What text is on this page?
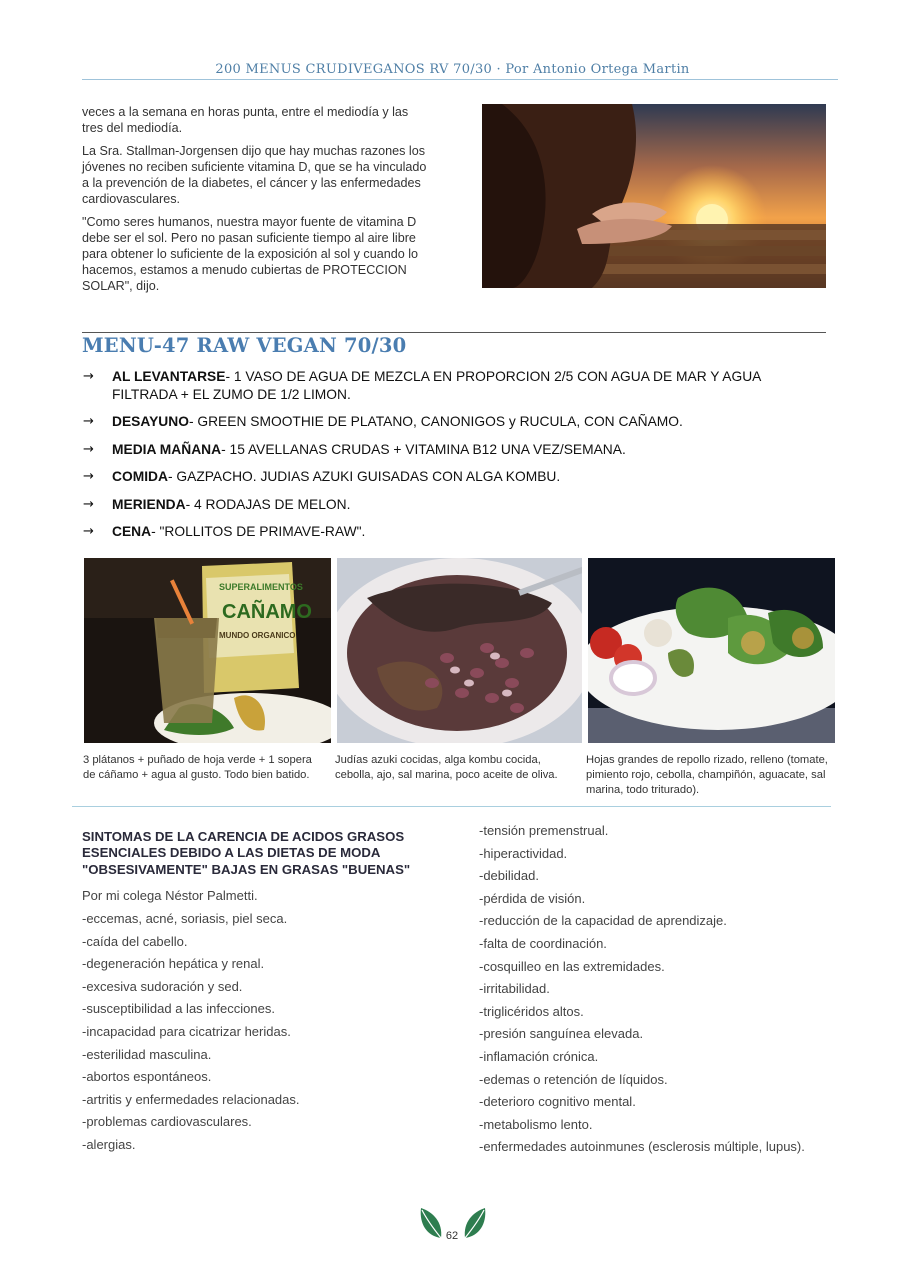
200 MENUS CRUDIVEGANOS RV 70/30 · Por Antonio Ortega Martin

veces a la semana en horas punta, entre el mediodía y las tres del mediodía.

La Sra. Stallman-Jorgensen dijo que hay muchas razones los jóvenes no reciben suficiente vitamina D, que se ha vinculado a la prevención de la diabetes, el cáncer y las enfermedades cardiovasculares.

"Como seres humanos, nuestra mayor fuente de vitamina D debe ser el sol. Pero no pasan suficiente tiempo al aire libre para obtener lo suficiente de la exposición al sol y cuando lo hacemos, estamos a menudo cubiertas de PROTECCION SOLAR", dijo.

MENU-47 RAW VEGAN 70/30
→ AL LEVANTARSE- 1 VASO DE AGUA DE MEZCLA EN PROPORCION 2/5 CON AGUA DE MAR Y AGUA FILTRADA + EL ZUMO DE 1/2 LIMON.
→ DESAYUNO- GREEN SMOOTHIE DE PLATANO, CANONIGOS y RUCULA, CON CAÑAMO.
→ MEDIA MAÑANA- 15 AVELLANAS CRUDAS + VITAMINA B12 UNA VEZ/SEMANA.
→ COMIDA- GAZPACHO. JUDIAS AZUKI GUISADAS CON ALGA KOMBU.
→ MERIENDA- 4 RODAJAS DE MELON.
→ CENA- "ROLLITOS DE PRIMAVE-RAW".
SUPERALIMENTOS
CAÑAMO
MUNDO ORGANICO
3 plátanos + puñado de hoja verde + 1 sopera de cáñamo + agua al gusto. Todo bien batido.
Judías azuki cocidas, alga kombu cocida, cebolla, ajo, sal marina, poco aceite de oliva.
Hojas grandes de repollo rizado, relleno (tomate, pimiento rojo, cebolla, champiñón, aguacate, sal marina, todo triturado).
SINTOMAS DE LA CARENCIA DE ACIDOS GRASOS ESENCIALES DEBIDO A LAS DIETAS DE MODA "OBSESIVAMENTE" BAJAS EN GRASAS "BUENAS"
Por mi colega Néstor Palmetti.
-eccemas, acné, soriasis, piel seca.
-caída del cabello.
-degeneración hepática y renal.
-excesiva sudoración y sed.
-susceptibilidad a las infecciones.
-incapacidad para cicatrizar heridas.
-esterilidad masculina.
-abortos espontáneos.
-artritis y enfermedades relacionadas.
-problemas cardiovasculares.
-alergias.
-tensión premenstrual.
-hiperactividad.
-debilidad.
-pérdida de visión.
-reducción de la capacidad de aprendizaje.
-falta de coordinación.
-cosquilleo en las extremidades.
-irritabilidad.
-triglicéridos altos.
-presión sanguínea elevada.
-inflamación crónica.
-edemas o retención de líquidos.
-deterioro cognitivo mental.
-metabolismo lento.
-enfermedades autoinmunes (esclerosis múltiple, lupus).
62
